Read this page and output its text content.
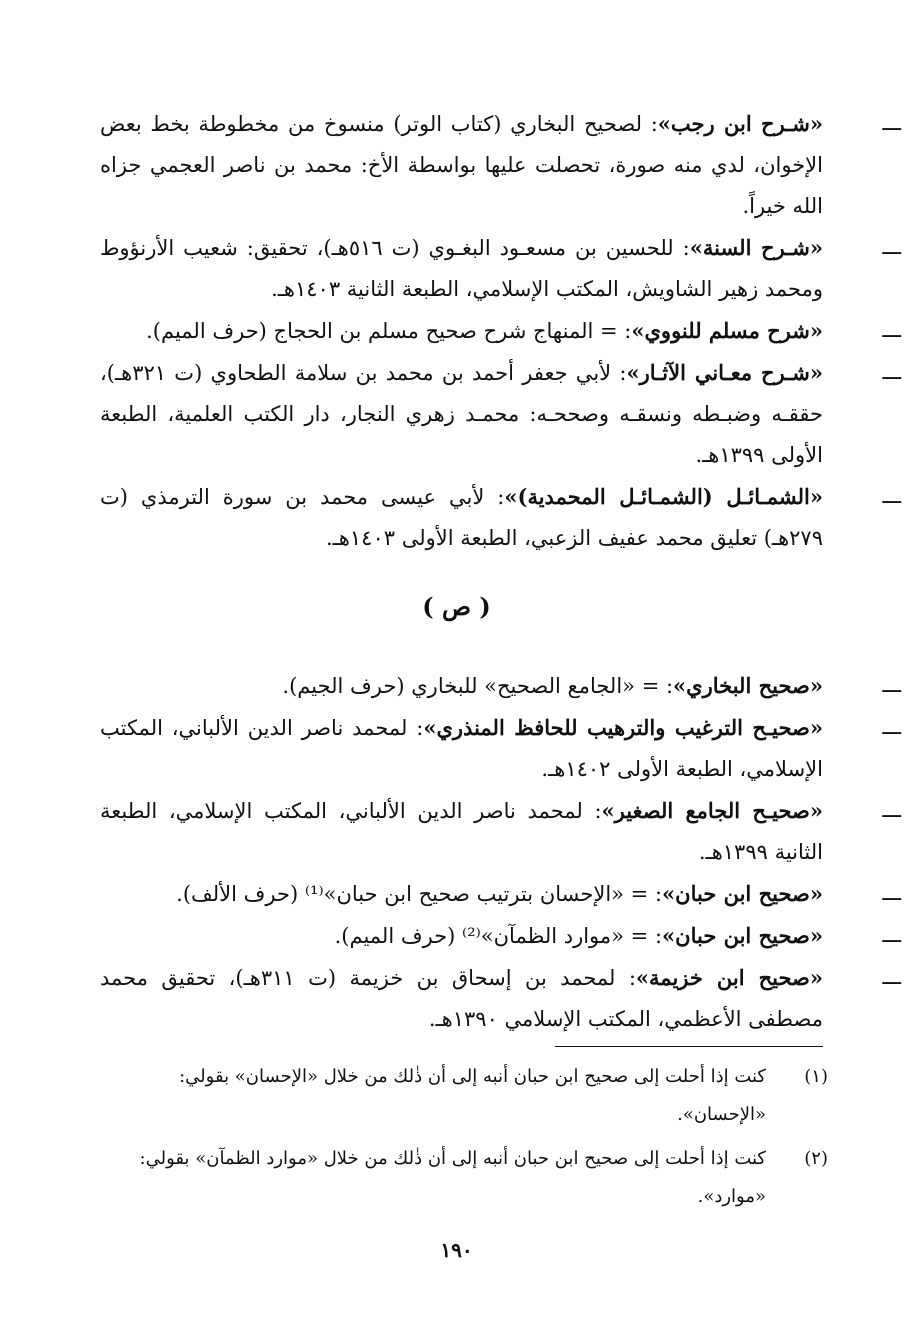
ـــ
«شـرح ابن رجب»: لصحيح البخاري (كتاب الوتر) منسوخ من مخطوطة بخط بعض الإخوان، لدي منه صورة، تحصلت عليها بواسطة الأخ: محمد بن ناصر العجمي جزاه الله خيراً.
ـــ
«شـرح السنة»: للحسين بن مسعـود البغـوي (ت ٥١٦هـ)، تحقيق: شعيب الأرنؤوط ومحمد زهير الشاويش، المكتب الإسلامي، الطبعة الثانية ١٤٠٣هـ.
ـــ
«شرح مسلم للنووي»: = المنهاج شرح صحيح مسلم بن الحجاج (حرف الميم).
ـــ
«شـرح معـاني الآثـار»: لأبي جعفر أحمد بن محمد بن سلامة الطحاوي (ت ٣٢١هـ)، حققـه وضبـطه ونسقـه وصححـه: محمـد زهري النجار، دار الكتب العلمية، الطبعة الأولى ١٣٩٩هـ.
ـــ
«الشمـائـل (الشمـائـل المحمدية)»: لأبي عيسى محمد بن سورة الترمذي (ت ٢٧٩هـ) تعليق محمد عفيف الزعبي، الطبعة الأولى ١٤٠٣هـ.
( ص )
ـــ
«صحيح البخاري»: = «الجامع الصحيح» للبخاري (حرف الجيم).
ـــ
«صحيـح الترغيب والترهيب للحافظ المنذري»: لمحمد ناصر الدين الألباني، المكتب الإسلامي، الطبعة الأولى ١٤٠٢هـ.
ـــ
«صحيـح الجامع الصغير»: لمحمد ناصر الدين الألباني، المكتب الإسلامي، الطبعة الثانية ١٣٩٩هـ.
ـــ
«صحيح ابن حبان»: = «الإحسان بترتيب صحيح ابن حبان»⁽¹⁾ (حرف الألف).
ـــ
«صحيح ابن حبان»: = «موارد الظمآن»⁽²⁾ (حرف الميم).
ـــ
«صحيح ابن خزيمة»: لمحمد بن إسحاق بن خزيمة (ت ٣١١هـ)، تحقيق محمد مصطفى الأعظمي، المكتب الإسلامي ١٣٩٠هـ.
(١)
كنت إذا أحلت إلى صحيح ابن حبان أنبه إلى أن ذٰلك من خلال «الإحسان» بقولي: «الإحسان».
(٢)
كنت إذا أحلت إلى صحيح ابن حبان أنبه إلى أن ذٰلك من خلال «موارد الظمآن» بقولي: «موارد».
١٩٠
